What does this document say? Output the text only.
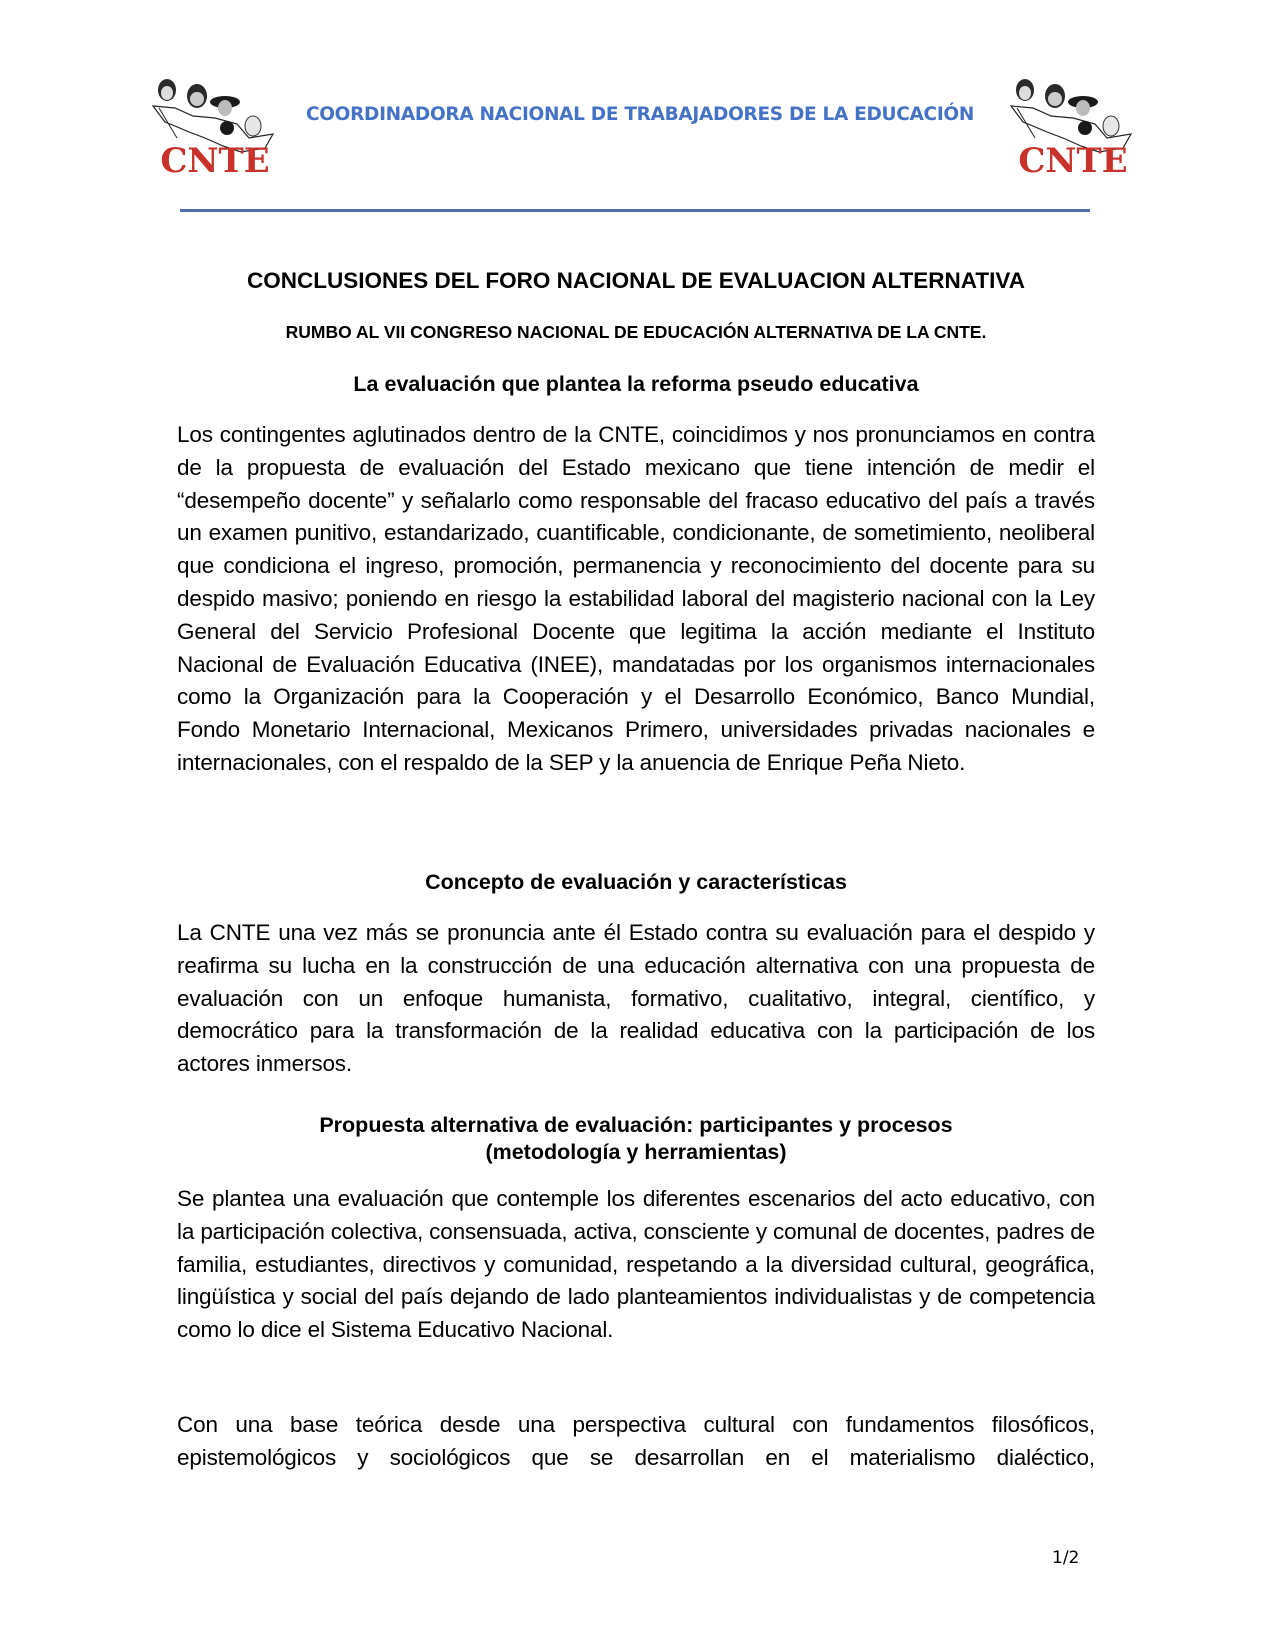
CNTE
COORDINADORA NACIONAL DE TRABAJADORES DE LA EDUCACIÓN
CNTE
CONCLUSIONES DEL FORO NACIONAL DE EVALUACION ALTERNATIVA
RUMBO AL VII CONGRESO NACIONAL DE EDUCACIÓN ALTERNATIVA DE LA CNTE.
La evaluación que plantea la reforma pseudo educativa

Los contingentes aglutinados dentro de la CNTE, coincidimos y nos pronunciamos en contra de la propuesta de evaluación del Estado mexicano que tiene intención de medir el “desempeño docente” y señalarlo como responsable del fracaso educativo del país a través un examen punitivo, estandarizado, cuantificable, condicionante, de sometimiento, neoliberal que condiciona el ingreso, promoción, permanencia y reconocimiento del docente para su despido masivo; poniendo en riesgo la estabilidad laboral del magisterio nacional con la Ley General del Servicio Profesional Docente que legitima la acción mediante el Instituto Nacional de Evaluación Educativa (INEE), mandatadas por los organismos internacionales como la Organización para la Cooperación y el Desarrollo Económico, Banco Mundial, Fondo Monetario Internacional, Mexicanos Primero, universidades privadas nacionales e internacionales, con el respaldo de la SEP y la anuencia de Enrique Peña Nieto.

Concepto de evaluación y características

La CNTE una vez más se pronuncia ante él Estado contra su evaluación para el despido y reafirma su lucha en la construcción de una educación alternativa con una propuesta de evaluación con un enfoque humanista, formativo, cualitativo, integral, científico, y democrático para la transformación de la realidad educativa con la participación de los actores inmersos.

Propuesta alternativa de evaluación: participantes y procesos
(metodología y herramientas)

Se plantea una evaluación que contemple los diferentes escenarios del acto educativo, con la participación colectiva, consensuada, activa, consciente y comunal de docentes, padres de familia, estudiantes, directivos y comunidad, respetando a la diversidad cultural, geográfica, lingüística y social del país dejando de lado planteamientos individualistas y de competencia como lo dice el Sistema Educativo Nacional.

Con una base teórica desde una perspectiva cultural con fundamentos filosóficos, epistemológicos y sociológicos que se desarrollan en el materialismo dialéctico,

1/2
